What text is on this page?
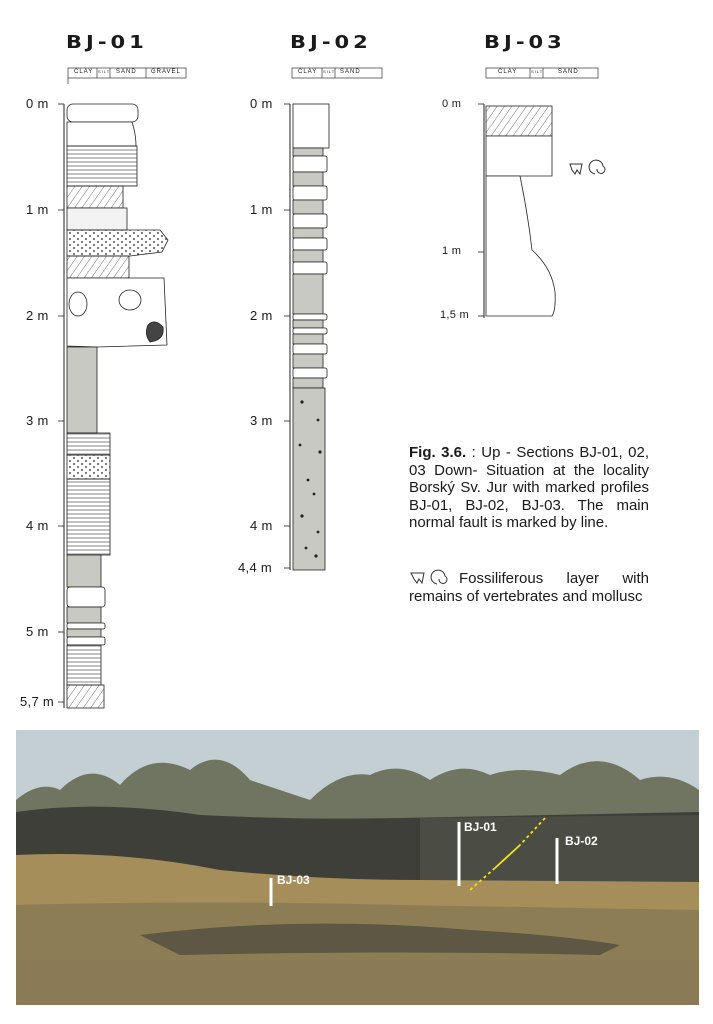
BJ-01	BJ-02	BJ-03
CLAY SILT SAND GRAVEL	CLAY SILT SAND	CLAY	SILT SAND
0 m
1 m
2 m
3 m
4 m
5 m
5,7 m
0 m
1 m
2 m
3 m
4 m
4,4 m
0 m
1 m
1,5 m
Fig. 3.6. : Up - Sections BJ-01, 02, 03 Down- Situation at the locality Borský Sv. Jur with marked profiles BJ-01, BJ-02, BJ-03. The main normal fault is marked by line.
Fossiliferous layer with remains of vertebrates and mollusc
BJ-01
BJ-02
BJ-03
